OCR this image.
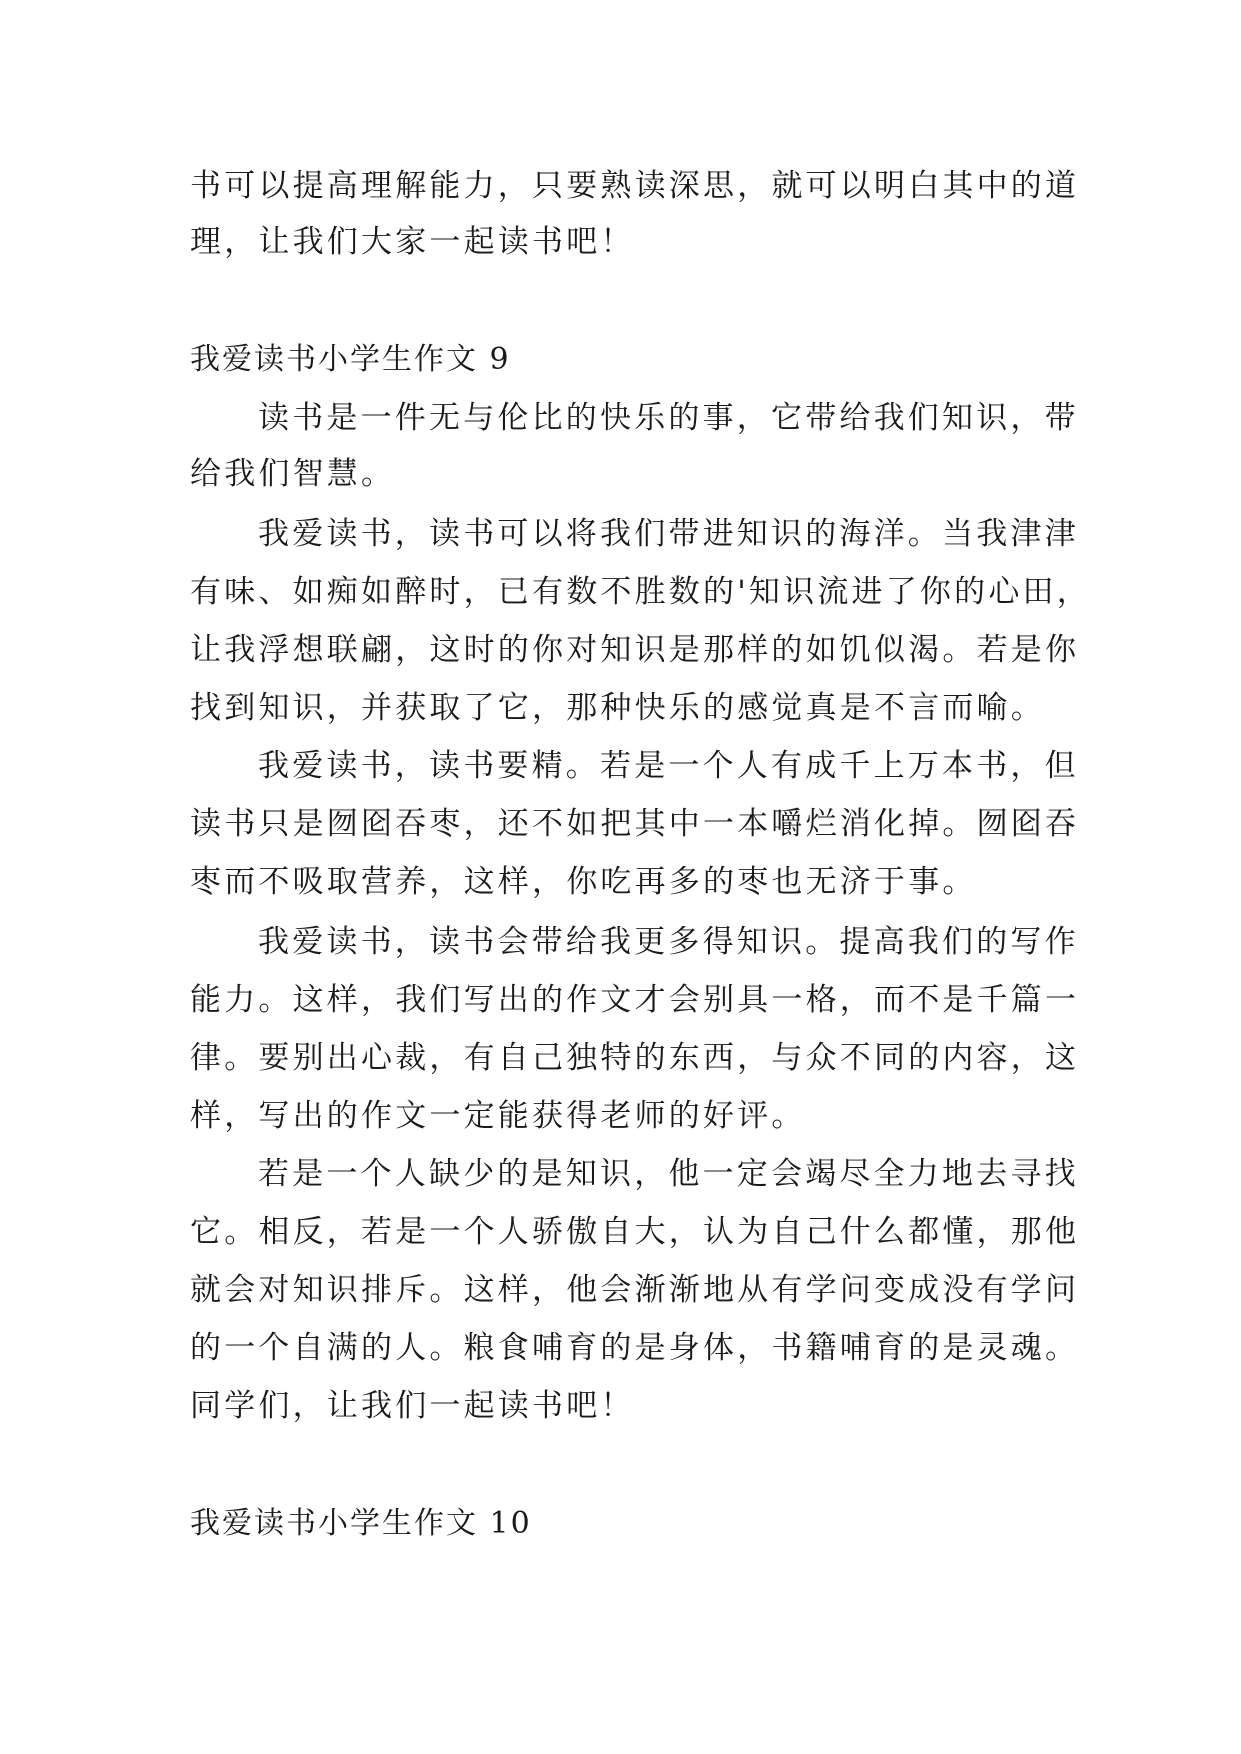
书可以提高理解能力，只要熟读深思，就可以明白其中的道

理，让我们大家一起读书吧！

我爱读书小学生作文 9

读书是一件无与伦比的快乐的事，它带给我们知识，带

给我们智慧。

我爱读书，读书可以将我们带进知识的海洋。当我津津

有味、如痴如醉时，已有数不胜数的'知识流进了你的心田，

让我浮想联翩，这时的你对知识是那样的如饥似渴。若是你

找到知识，并获取了它，那种快乐的感觉真是不言而喻。

我爱读书，读书要精。若是一个人有成千上万本书，但

读书只是囫囵吞枣，还不如把其中一本嚼烂消化掉。囫囵吞

枣而不吸取营养，这样，你吃再多的枣也无济于事。

我爱读书，读书会带给我更多得知识。提高我们的写作

能力。这样，我们写出的作文才会别具一格，而不是千篇一

律。要别出心裁，有自己独特的东西，与众不同的内容，这

样，写出的作文一定能获得老师的好评。

若是一个人缺少的是知识，他一定会竭尽全力地去寻找

它。相反，若是一个人骄傲自大，认为自己什么都懂，那他

就会对知识排斥。这样，他会渐渐地从有学问变成没有学问

的一个自满的人。粮食哺育的是身体，书籍哺育的是灵魂。

同学们，让我们一起读书吧！

我爱读书小学生作文 10
